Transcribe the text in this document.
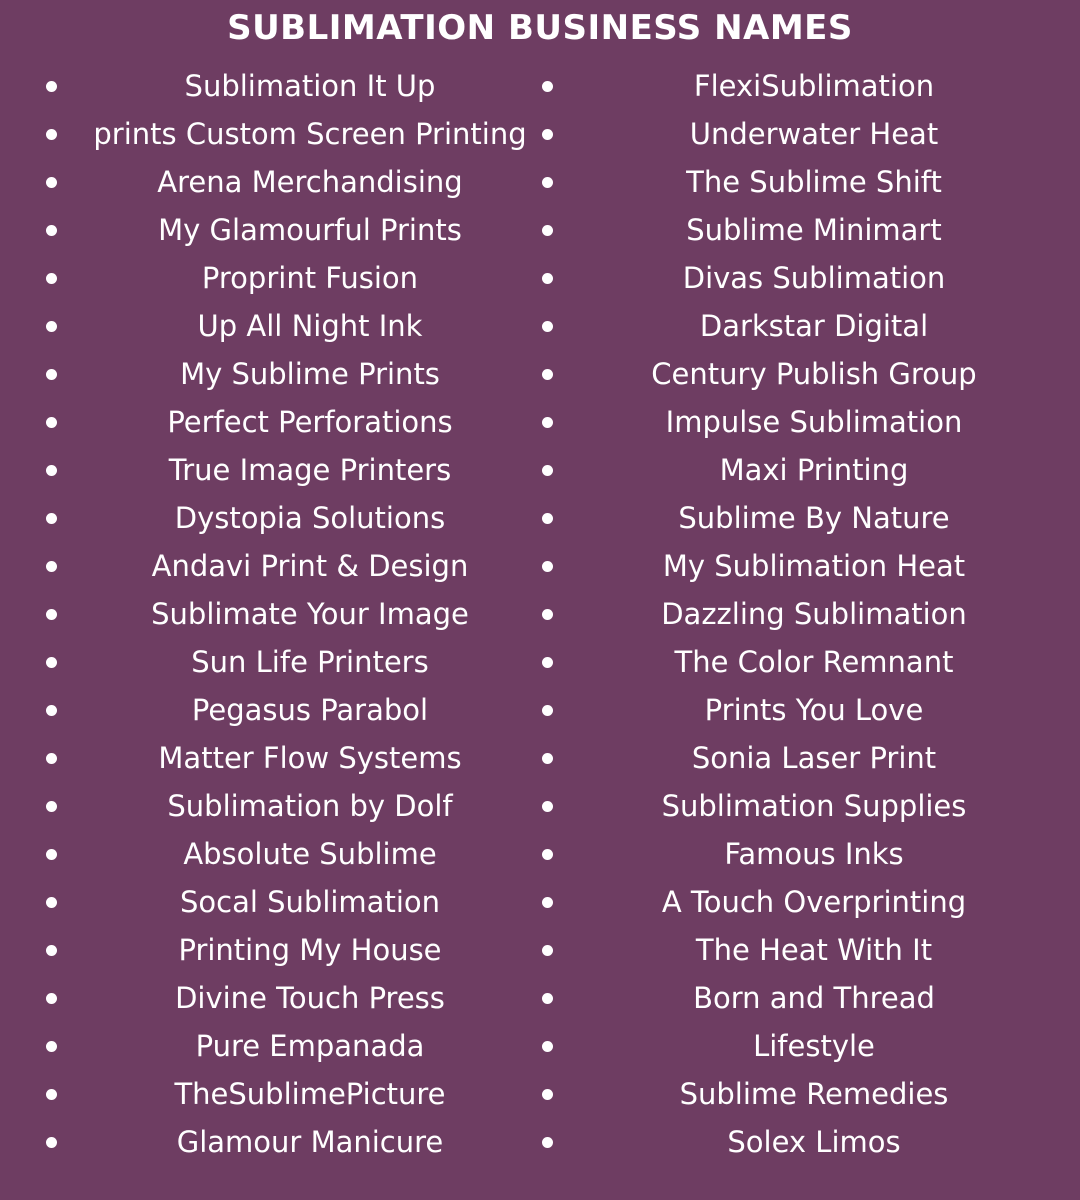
SUBLIMATION BUSINESS NAMES
Sublimation It Up
prints Custom Screen Printing
Arena Merchandising
My Glamourful Prints
Proprint Fusion
Up All Night Ink
My Sublime Prints
Perfect Perforations
True Image Printers
Dystopia Solutions
Andavi Print & Design
Sublimate Your Image
Sun Life Printers
Pegasus Parabol
Matter Flow Systems
Sublimation by Dolf
Absolute Sublime
Socal Sublimation
Printing My House
Divine Touch Press
Pure Empanada
TheSublimePicture
Glamour Manicure
FlexiSublimation
Underwater Heat
The Sublime Shift
Sublime Minimart
Divas Sublimation
Darkstar Digital
Century Publish Group
Impulse Sublimation
Maxi Printing
Sublime By Nature
My Sublimation Heat
Dazzling Sublimation
The Color Remnant
Prints You Love
Sonia Laser Print
Sublimation Supplies
Famous Inks
A Touch Overprinting
The Heat With It
Born and Thread
Lifestyle
Sublime Remedies
Solex Limos
